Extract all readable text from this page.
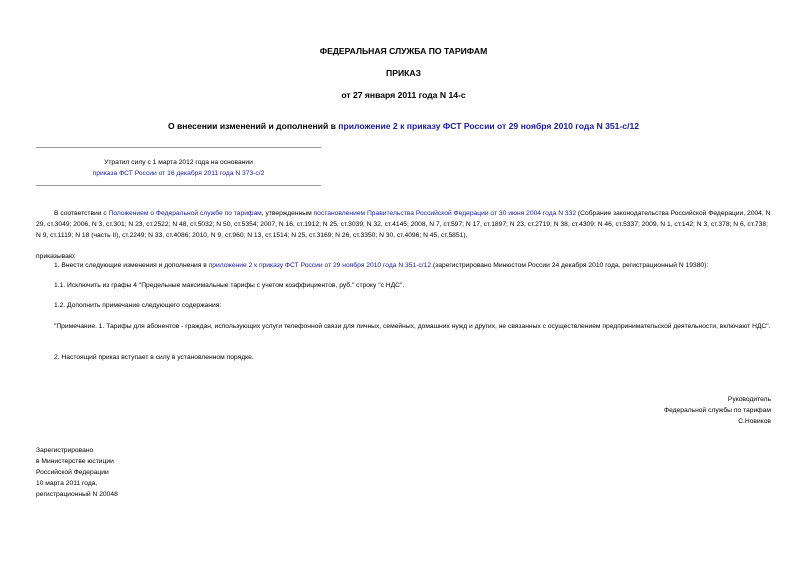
ФЕДЕРАЛЬНАЯ СЛУЖБА ПО ТАРИФАМ
ПРИКАЗ
от 27 января 2011 года N 14-с
О внесении изменений и дополнений в приложение 2 к приказу ФСТ России от 29 ноября 2010 года N 351-с/12
Утратил силу с 1 марта 2012 года на основании
приказа ФСТ России от 16 декабря 2011 года N 373-с/2
В соответствии с Положением о Федеральной службе по тарифам, утвержденным постановлением Правительства Российской Федерации от 30 июня 2004 года N 332 (Собрание законодательства Российской Федерации, 2004, N 29, ст.3049; 2006, N 3, ст.301; N 23, ст.2522; N 48, ст.5032; N 50, ст.5354; 2007, N 16, ст.1912; N 25, ст.3039; N 32, ст.4145; 2008, N 7, ст.597; N 17, ст.1897; N 23, ст.2719; N 38, ст.4309; N 46, ст.5337; 2009, N 1, ст.142; N 3, ст.378; N 6, ст.738; N 9, ст.1119; N 18 (часть II), ст.2249; N 33, ст.4086; 2010, N 9, ст.960; N 13, ст.1514; N 25, ст.3169; N 26, ст.3350; N 30, ст.4096; N 45, ст.5851),
приказываю:
1. Внести следующие изменения и дополнения в приложение 2 к приказу ФСТ России от 29 ноября 2010 года N 351-с/12 (зарегистрировано Минюстом России 24 декабря 2010 года, регистрационный N 19380):
1.1. Исключить из графы 4 "Предельные максимальные тарифы с учетом коэффициентов, руб." строку "с НДС".
1.2. Дополнить примечание следующего содержания:
"Примечание. 1. Тарифы для абонентов - граждан, использующих услуги телефонной связи для личных, семейных, домашних нужд и других, не связанных с осуществлением предпринимательской деятельности, включают НДС".
2. Настоящий приказ вступает в силу в установленном порядке.
Руководитель
Федеральной службы по тарифам
С.Новиков
Зарегистрировано
в Министерстве юстиции
Российской Федерации
10 марта 2011 года,
регистрационный N 20048
